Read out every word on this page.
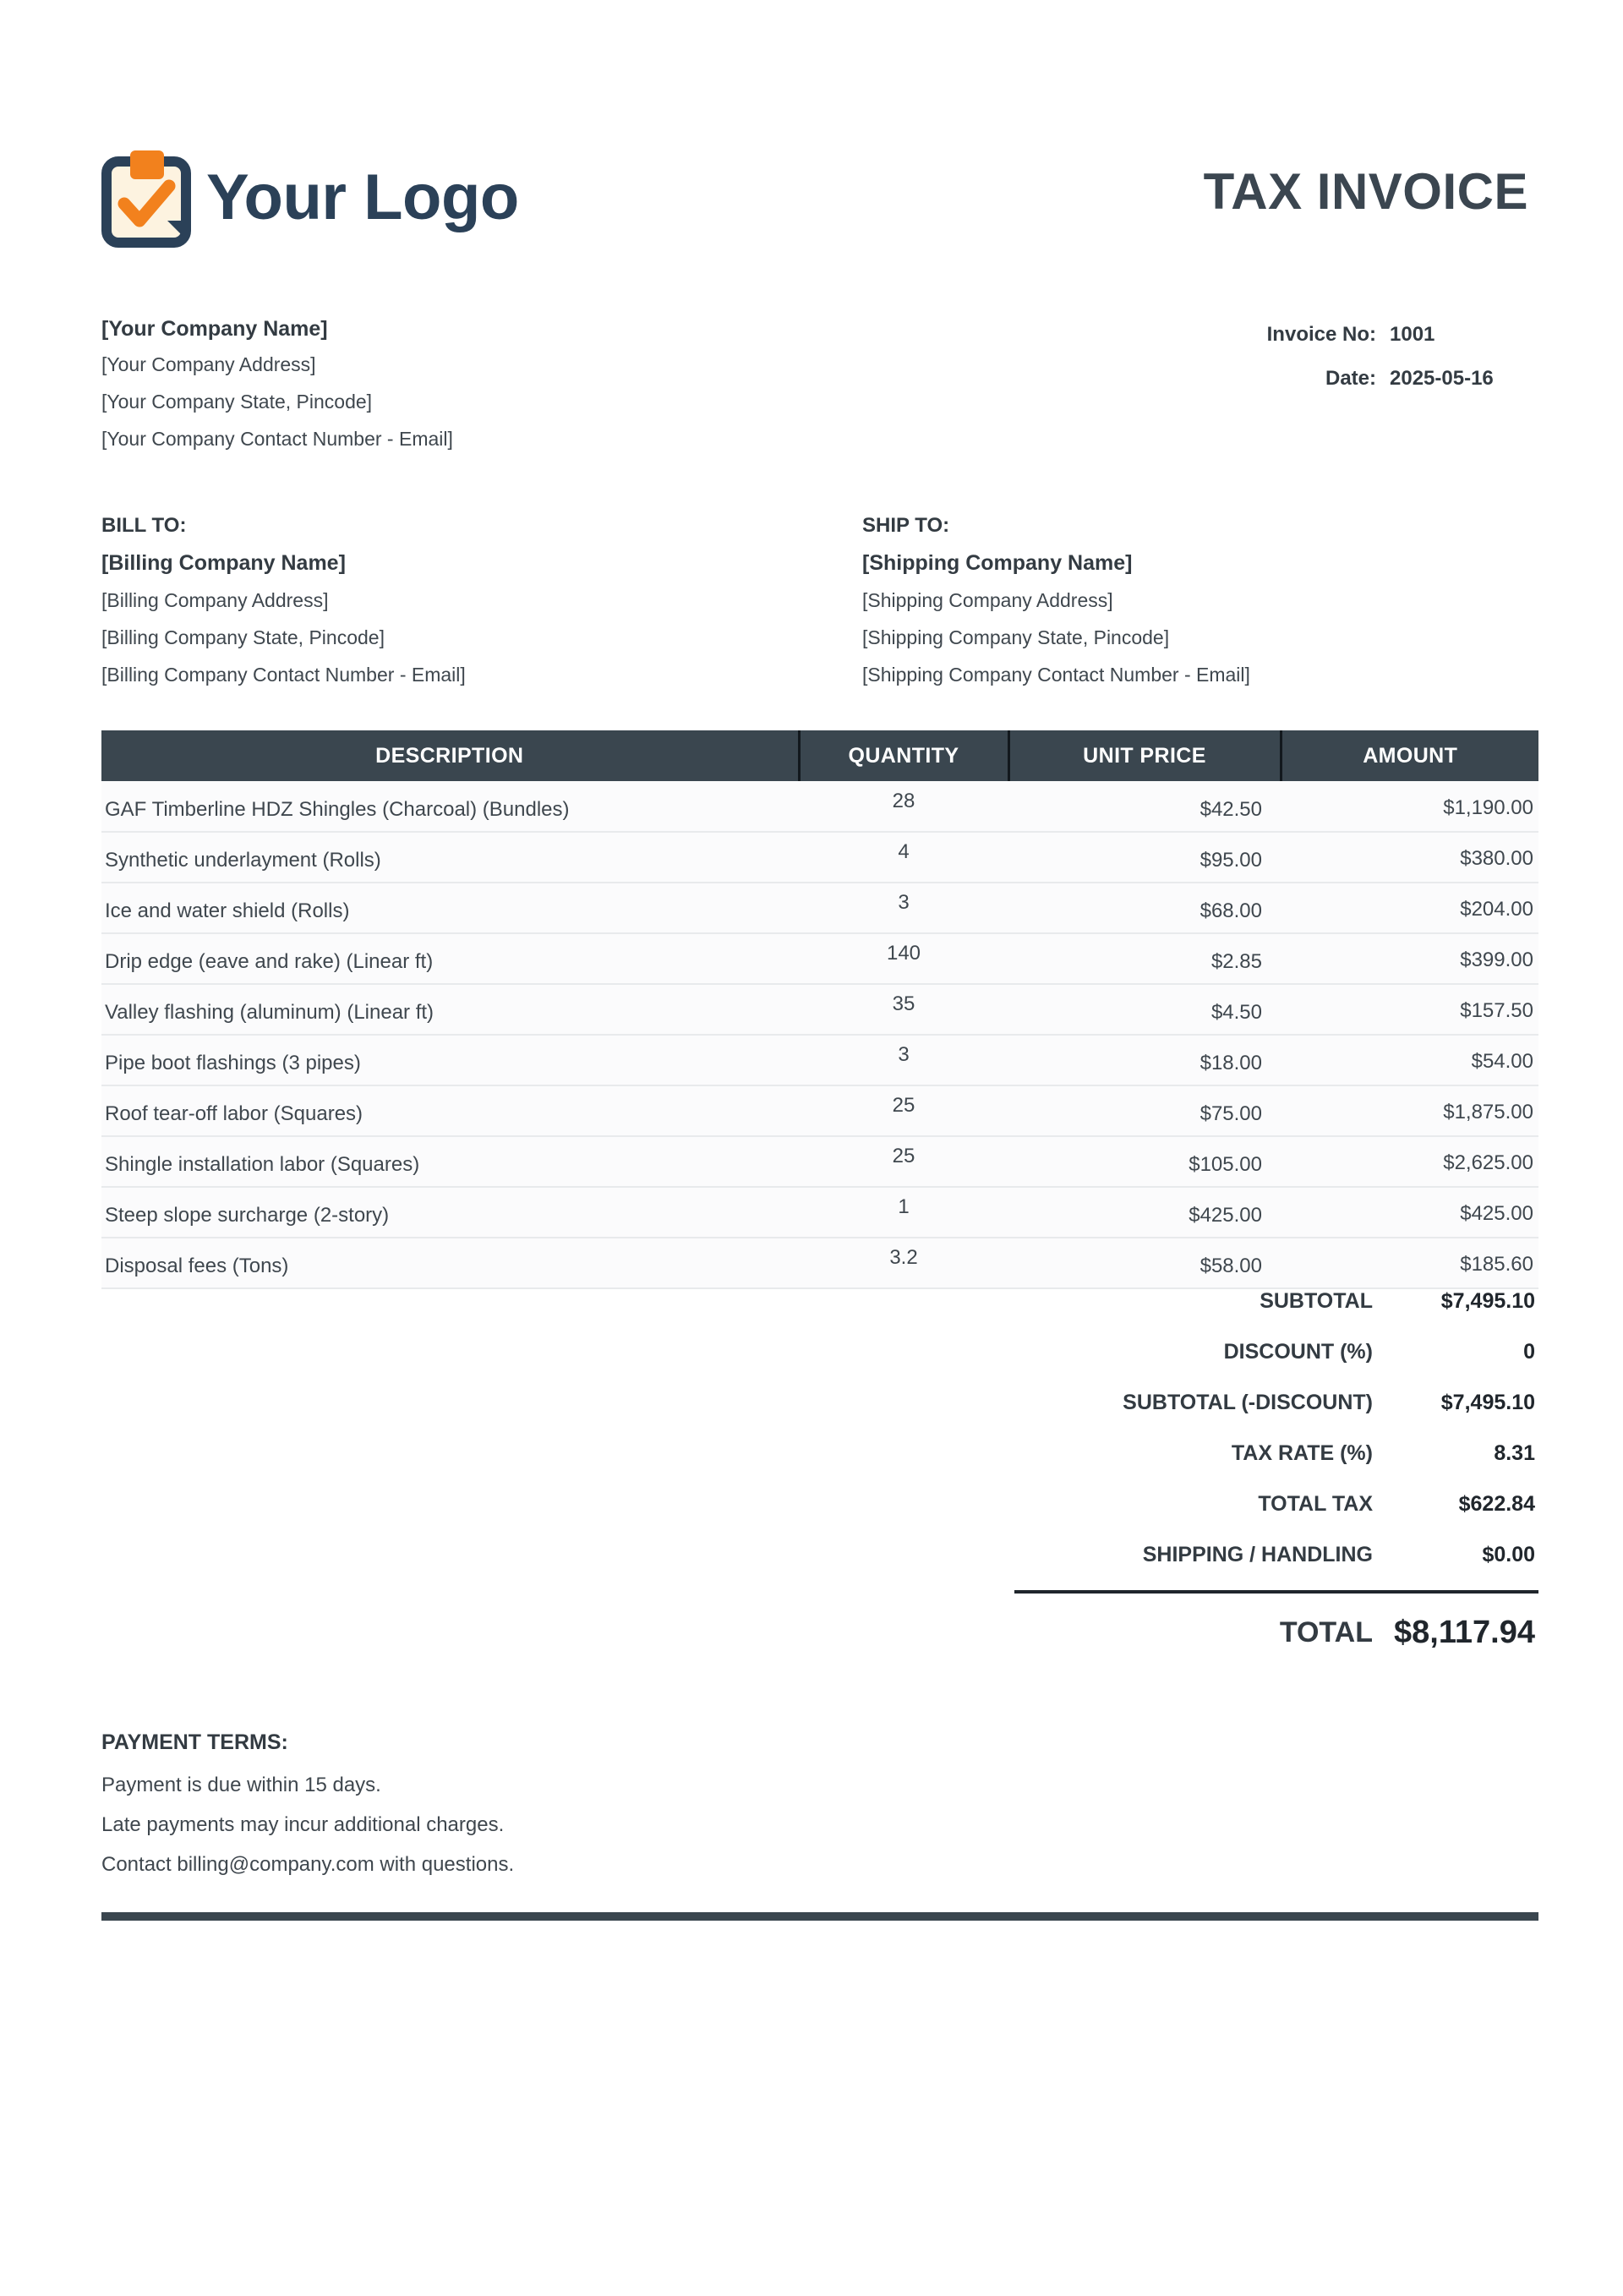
Your Logo	TAX INVOICE
[Your Company Name]
[Your Company Address]
[Your Company State, Pincode]
[Your Company Contact Number - Email]
Invoice No: 1001
Date: 2025-05-16
BILL TO:
[Billing Company Name]
[Billing Company Address]
[Billing Company State, Pincode]
[Billing Company Contact Number - Email]
SHIP TO:
[Shipping Company Name]
[Shipping Company Address]
[Shipping Company State, Pincode]
[Shipping Company Contact Number - Email]
DESCRIPTION	QUANTITY	UNIT PRICE	AMOUNT
GAF Timberline HDZ Shingles (Charcoal) (Bundles)	28	$42.50	$1,190.00
Synthetic underlayment (Rolls)	4	$95.00	$380.00
Ice and water shield (Rolls)	3	$68.00	$204.00
Drip edge (eave and rake) (Linear ft)	140	$2.85	$399.00
Valley flashing (aluminum) (Linear ft)	35	$4.50	$157.50
Pipe boot flashings (3 pipes)	3	$18.00	$54.00
Roof tear-off labor (Squares)	25	$75.00	$1,875.00
Shingle installation labor (Squares)	25	$105.00	$2,625.00
Steep slope surcharge (2-story)	1	$425.00	$425.00
Disposal fees (Tons)	3.2	$58.00	$185.60
SUBTOTAL	$7,495.10
DISCOUNT (%)	0
SUBTOTAL (-DISCOUNT)	$7,495.10
TAX RATE (%)	8.31
TOTAL TAX	$622.84
SHIPPING / HANDLING	$0.00
TOTAL $8,117.94
PAYMENT TERMS:
Payment is due within 15 days.
Late payments may incur additional charges.
Contact billing@company.com with questions.
